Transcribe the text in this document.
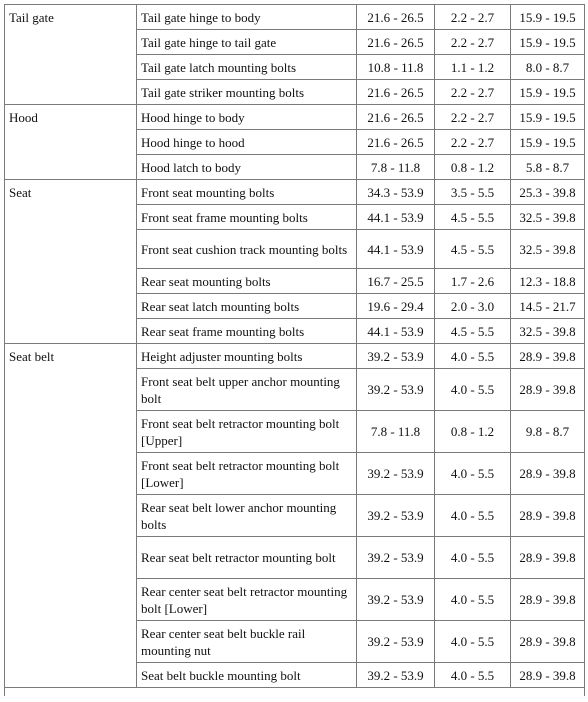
Tail gate	Tail gate hinge to body	21.6 - 26.5	2.2 - 2.7	15.9 - 19.5
	Tail gate hinge to tail gate	21.6 - 26.5	2.2 - 2.7	15.9 - 19.5
	Tail gate latch mounting bolts	10.8 - 11.8	1.1 - 1.2	8.0 - 8.7
	Tail gate striker mounting bolts	21.6 - 26.5	2.2 - 2.7	15.9 - 19.5
Hood	Hood hinge to body	21.6 - 26.5	2.2 - 2.7	15.9 - 19.5
	Hood hinge to hood	21.6 - 26.5	2.2 - 2.7	15.9 - 19.5
	Hood latch to body	7.8 - 11.8	0.8 - 1.2	5.8 - 8.7
Seat	Front seat mounting bolts	34.3 - 53.9	3.5 - 5.5	25.3 - 39.8
	Front seat frame mounting bolts	44.1 - 53.9	4.5 - 5.5	32.5 - 39.8
	Front seat cushion track mounting bolts	44.1 - 53.9	4.5 - 5.5	32.5 - 39.8
	Rear seat mounting bolts	16.7 - 25.5	1.7 - 2.6	12.3 - 18.8
	Rear seat latch mounting bolts	19.6 - 29.4	2.0 - 3.0	14.5 - 21.7
	Rear seat frame mounting bolts	44.1 - 53.9	4.5 - 5.5	32.5 - 39.8
Seat belt	Height adjuster mounting bolts	39.2 - 53.9	4.0 - 5.5	28.9 - 39.8
	Front seat belt upper anchor mounting bolt	39.2 - 53.9	4.0 - 5.5	28.9 - 39.8
	Front seat belt retractor mounting bolt [Upper]	7.8 - 11.8	0.8 - 1.2	9.8 - 8.7
	Front seat belt retractor mounting bolt [Lower]	39.2 - 53.9	4.0 - 5.5	28.9 - 39.8
	Rear seat belt lower anchor mounting bolts	39.2 - 53.9	4.0 - 5.5	28.9 - 39.8
	Rear seat belt retractor mounting bolt	39.2 - 53.9	4.0 - 5.5	28.9 - 39.8
	Rear center seat belt retractor mounting bolt [Lower]	39.2 - 53.9	4.0 - 5.5	28.9 - 39.8
	Rear center seat belt buckle rail mounting nut	39.2 - 53.9	4.0 - 5.5	28.9 - 39.8
	Seat belt buckle mounting bolt	39.2 - 53.9	4.0 - 5.5	28.9 - 39.8
